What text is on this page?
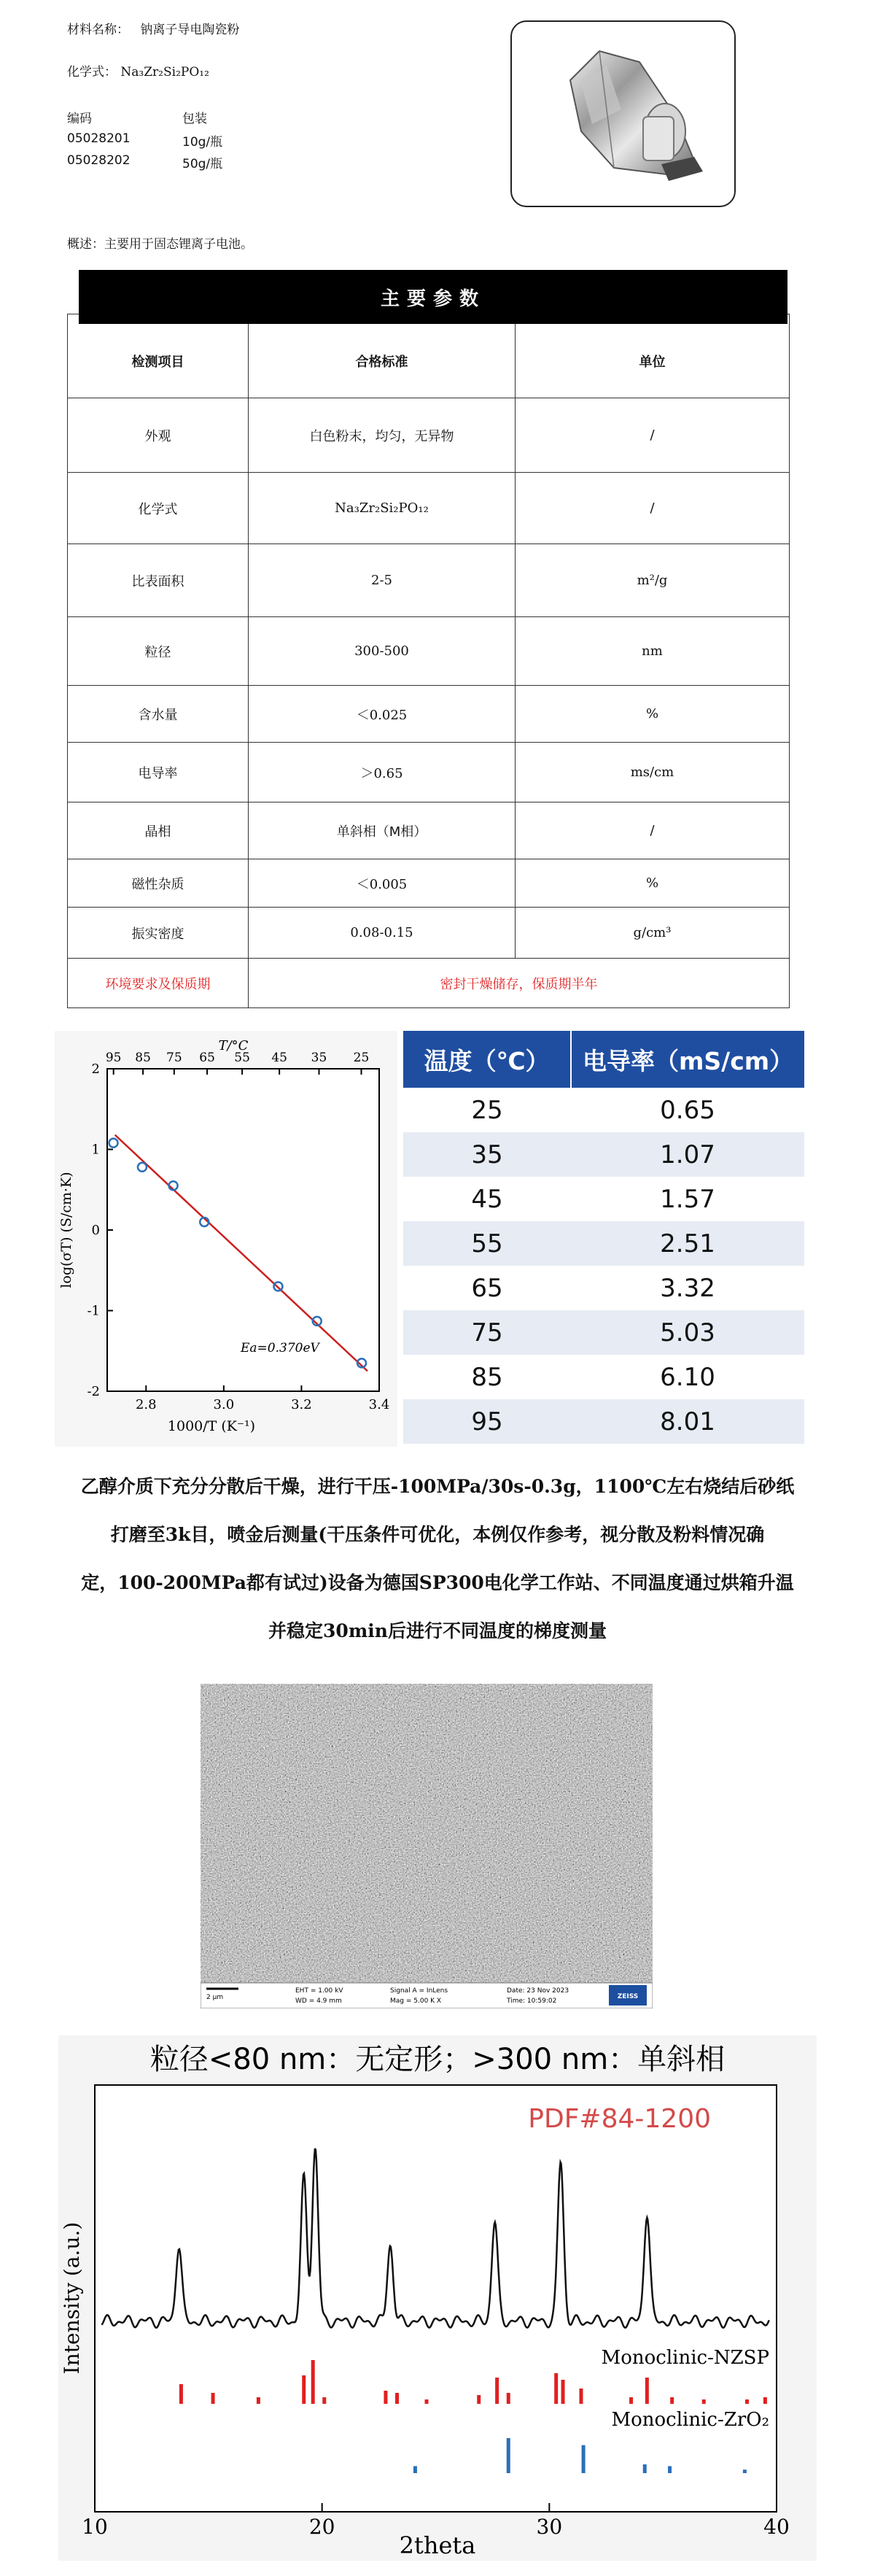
材料名称： 钠离子导电陶瓷粉
化学式： Na₃Zr₂Si₂PO₁₂
编码	包装
05028201	10g/瓶
05028202	50g/瓶
概述：主要用于固态锂离子电池。
检测项目	合格标准	单位
外观	白色粉末，均匀，无异物	/
化学式	Na₃Zr₂Si₂PO₁₂	/
比表面积	2-5	m²/g
粒径	300-500	nm
含水量	＜0.025	%
电导率	＞0.65	ms/cm
晶相	单斜相（M相）	/
磁性杂质	＜0.005	%
振实密度	0.08-0.15	g/cm³
环境要求及保质期	密封干燥储存，保质期半年	
主要参数
2.8	3.0	3.2	3.4
-2
-1
0
1
2
95 85 75 65 55 45 35 25
T/°C
1000/T (K⁻¹)
log(σT) (S/cm·K)
Ea=0.370eV
温度（℃）	电导率（mS/cm）
25	0.65
35	1.07
45	1.57
55	2.51
65	3.32
75	5.03
85	6.10
95	8.01
乙醇介质下充分分散后干燥，进行干压-100MPa/30s-0.3g，1100℃左右烧结后砂纸
打磨至3k目，喷金后测量(干压条件可优化，本例仅作参考，视分散及粉料情况确
定，100-200MPa都有试过)设备为德国SP300电化学工作站、不同温度通过烘箱升温
并稳定30min后进行不同温度的梯度测量
2 μm
EHT = 1.00 kV
WD = 4.9 mm
Signal A = InLens
Mag = 5.00 K X
Date: 23 Nov 2023
Time: 10:59:02
ZEISS
10	20	30	40
粒径<80 nm：无定形；>300 nm：单斜相
PDF#84-1200
Monoclinic-NZSP
Monoclinic-ZrO₂
2theta
Intensity (a.u.)
